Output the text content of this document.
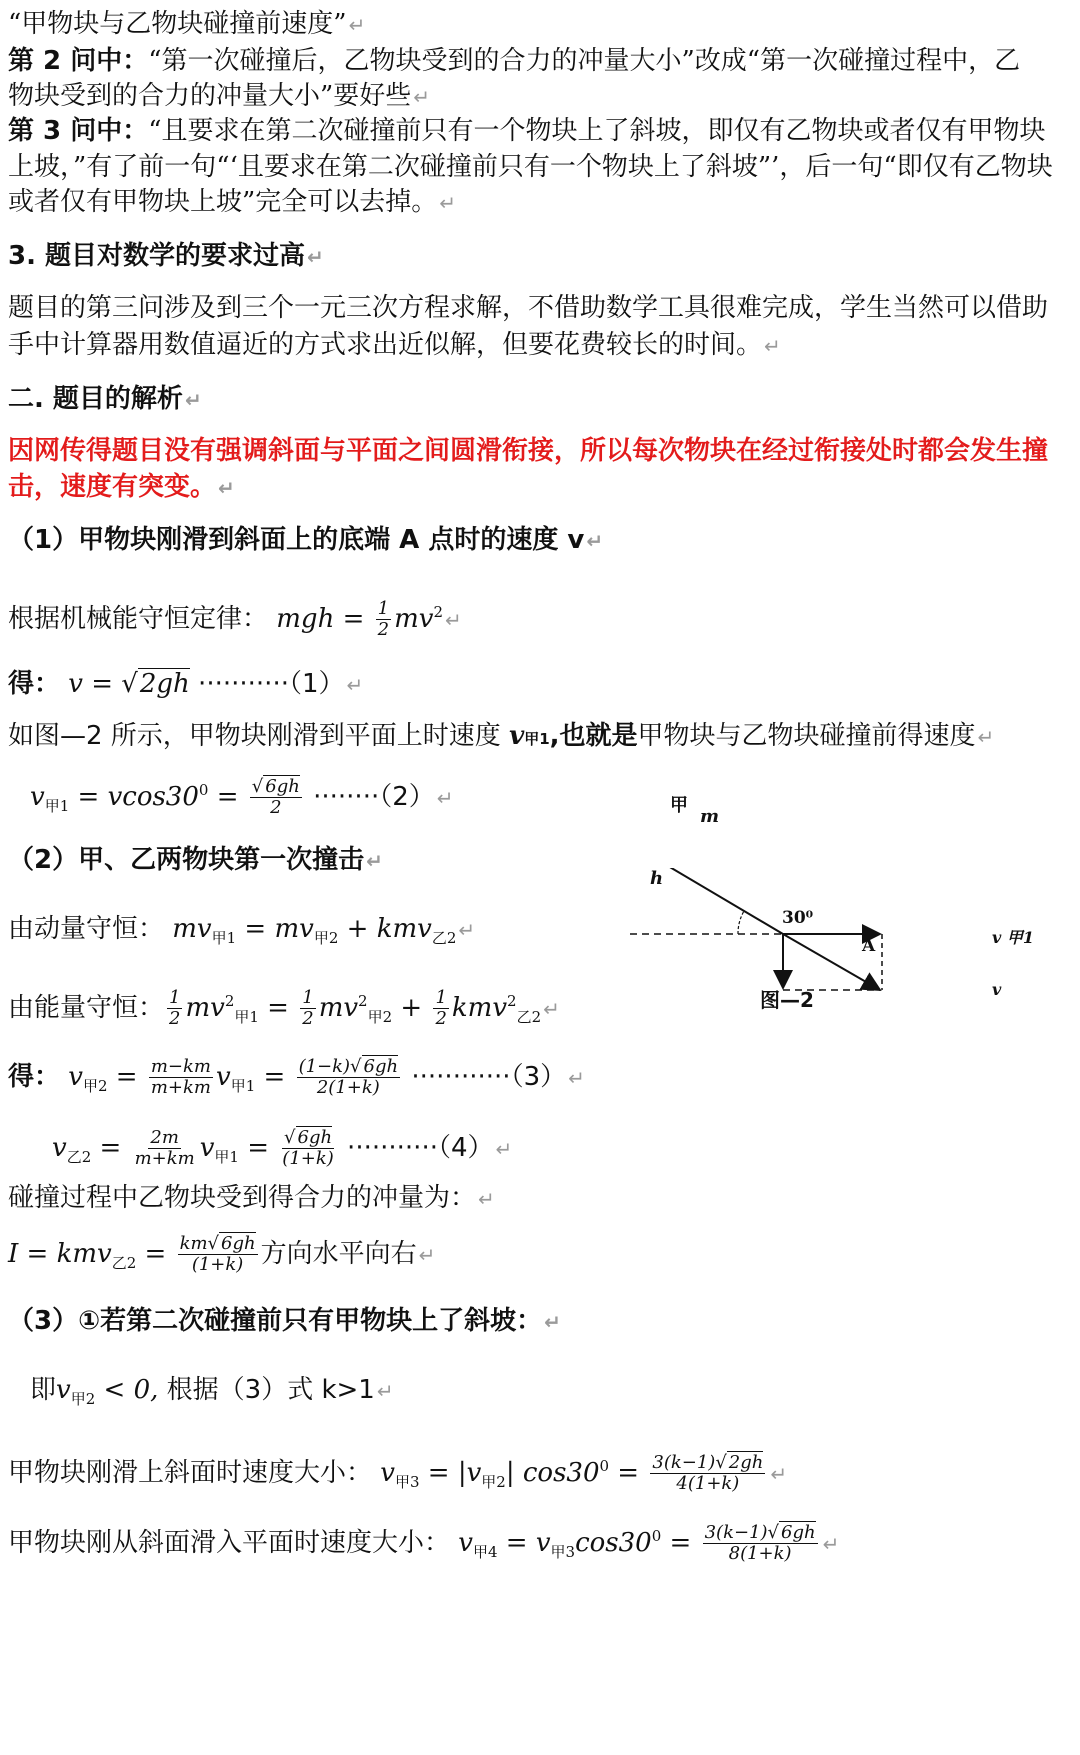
“甲物块与乙物块碰撞前速度” ↵
第 2 问中：“第一次碰撞后，乙物块受到的合力的冲量大小”改成“第一次碰撞过程中，乙
物块受到的合力的冲量大小”要好些 ↵
第 3 问中：“且要求在第二次碰撞前只有一个物块上了斜坡，即仅有乙物块或者仅有甲物块
上坡，”有了前一句“‘且要求在第二次碰撞前只有一个物块上了斜坡”’，后一句“即仅有乙物块
或者仅有甲物块上坡”完全可以去掉。 ↵
3. 题目对数学的要求过高 ↵
题目的第三问涉及到三个一元三次方程求解，不借助数学工具很难完成，学生当然可以借助
手中计算器用数值逼近的方式求出近似解，但要花费较长的时间。 ↵
二. 题目的解析 ↵
因网传得题目没有强调斜面与平面之间圆滑衔接，所以每次物块在经过衔接处时都会发生撞
击，速度有突变。 ↵
（1）甲物块刚滑到斜面上的底端 A 点时的速度 v ↵
根据机械能守恒定律： mgh = $\frac{1}{2} mv^2$ ↵
得： v = √2gh ···········（1） ↵
如图—2 所示，甲物块刚滑到平面上时速度 v甲1,也就是甲物块与乙物块碰撞前得速度 ↵
$v_{甲1} = vcos30^0 = \frac{√ 6gh}{2} \cdot\cdot\cdot\cdot\cdot\cdot\cdot\cdot(2)$ ↵
（2）甲、乙两物块第一次撞击 ↵
由动量守恒： $mv_{甲1} = mv_{甲2} + kmv_{乙2}$ ↵
由能量守恒： $\frac{1}{2} mv^2_{甲1} = \frac{1}{2} mv^2_{甲2} + \frac{1}{2} kmv^2_{乙2}$ ↵
得： $v_{甲2} = \frac{m-km}{m+km} v_{甲1} = \frac{(1-k)√ 6gh}{2(1+k)} \cdot\cdot\cdot\cdot\cdot\cdot\cdot\cdot\cdot\cdot\cdot\cdot(3)$ ↵
$v_{乙2} = \frac{2m}{m+km} v_{甲1} = \frac{√ 6gh}{(1+k)} \cdot\cdot\cdot\cdot\cdot\cdot\cdot\cdot\cdot\cdot\cdot(4)$ ↵
碰撞过程中乙物块受到得合力的冲量为： ↵
$I = kmv_{乙2} = \frac{km√ 6gh}{(1+k)}$ 方向水平向右 ↵
（3）①若第二次碰撞前只有甲物块上了斜坡： ↵
即$v_{甲2} < 0$, 根据（3）式 k>1 ↵
甲物块刚滑上斜面时速度大小： $v_{甲3} = |v_{甲2}|$ $\cos 30^0 = \frac{3(k-1)√ 2gh}{4(1+k)}$ ↵
甲物块刚从斜面滑入平面时速度大小： $v_{甲4} = v_{甲3}\cos 30^0 = \frac{3(k-1)√ 6gh}{8(1+k)}$ ↵
甲
m
h
30⁰
A	v 甲1
v
图—2
